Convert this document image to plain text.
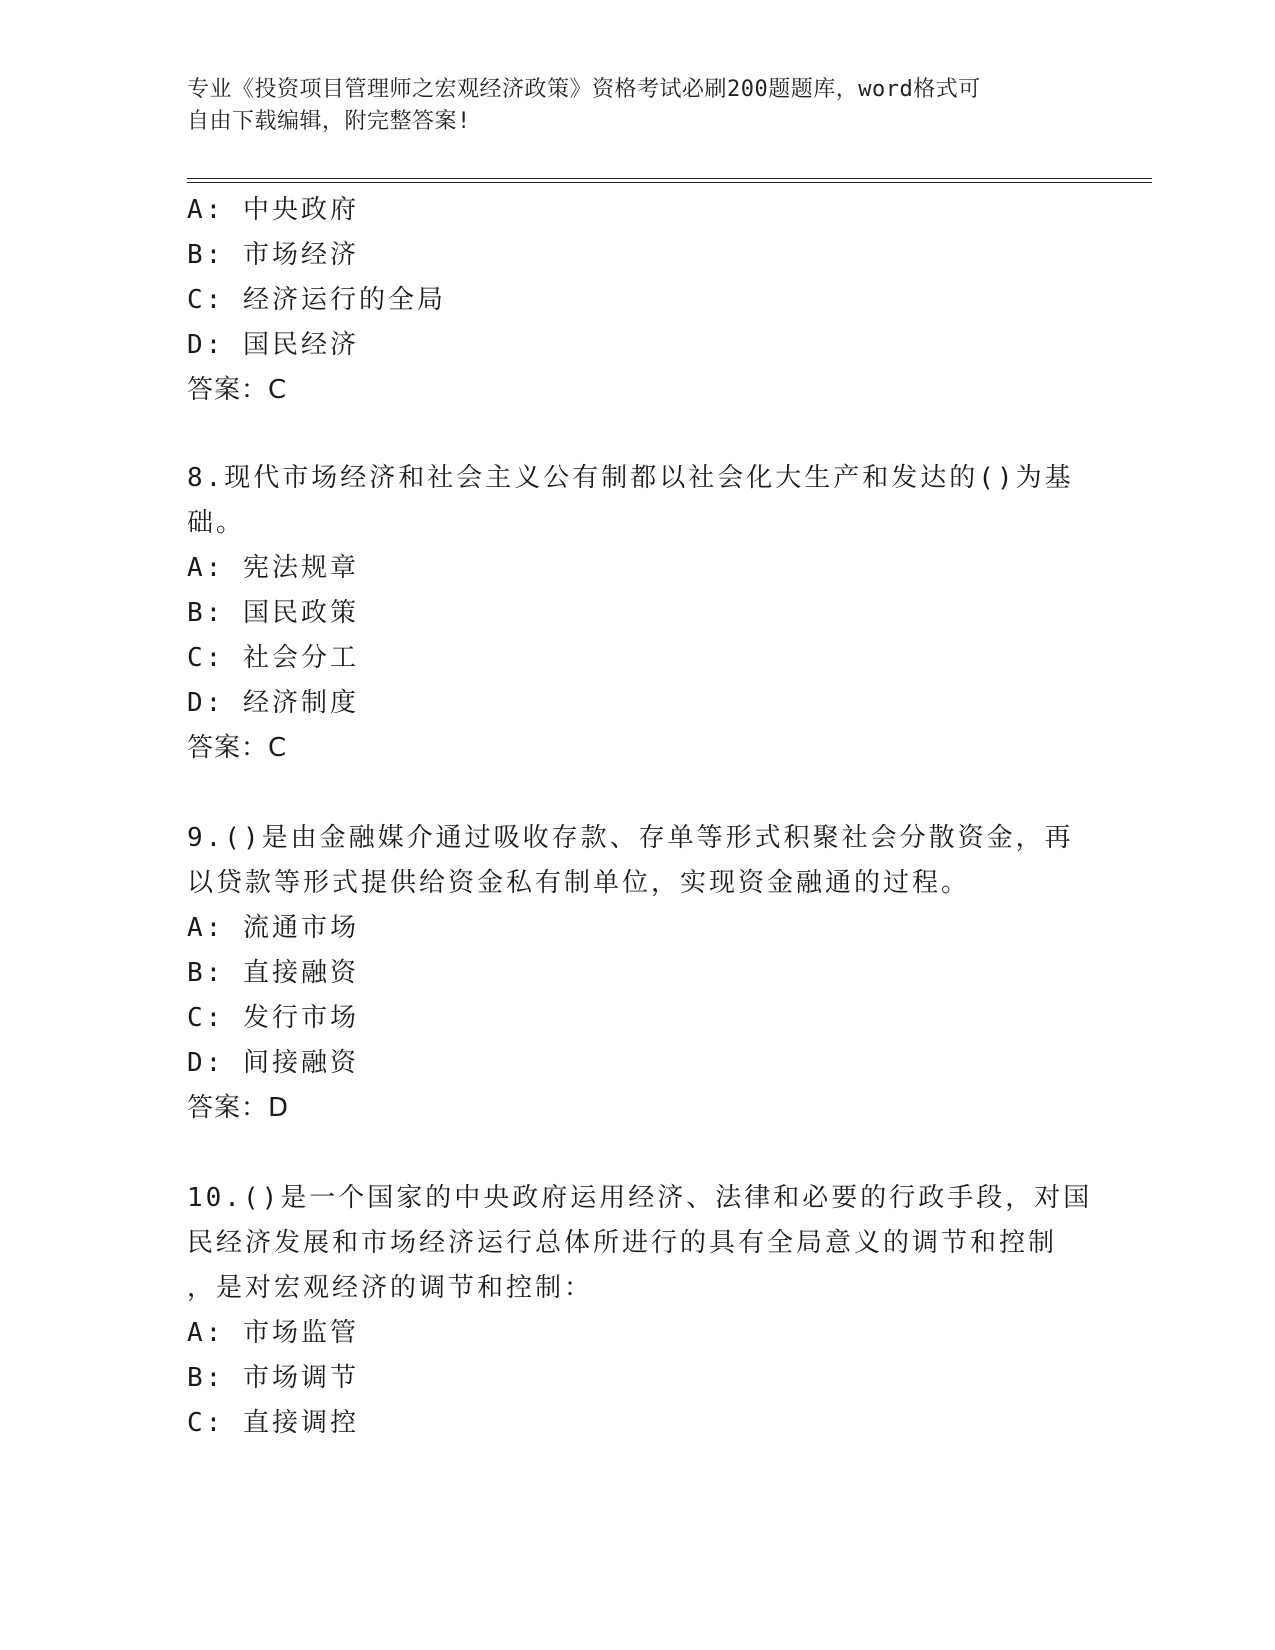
专业《投资项目管理师之宏观经济政策》资格考试必刷200题题库，word格式可
自由下载编辑，附完整答案!
A: 中央政府
B: 市场经济
C: 经济运行的全局
D: 国民经济
答案：C
8.现代市场经济和社会主义公有制都以社会化大生产和发达的()为基
础。
A: 宪法规章
B: 国民政策
C: 社会分工
D: 经济制度
答案：C
9.()是由金融媒介通过吸收存款、存单等形式积聚社会分散资金，再
以贷款等形式提供给资金私有制单位，实现资金融通的过程。
A: 流通市场
B: 直接融资
C: 发行市场
D: 间接融资
答案：D
10.()是一个国家的中央政府运用经济、法律和必要的行政手段，对国
民经济发展和市场经济运行总体所进行的具有全局意义的调节和控制
，是对宏观经济的调节和控制：
A: 市场监管
B: 市场调节
C: 直接调控
